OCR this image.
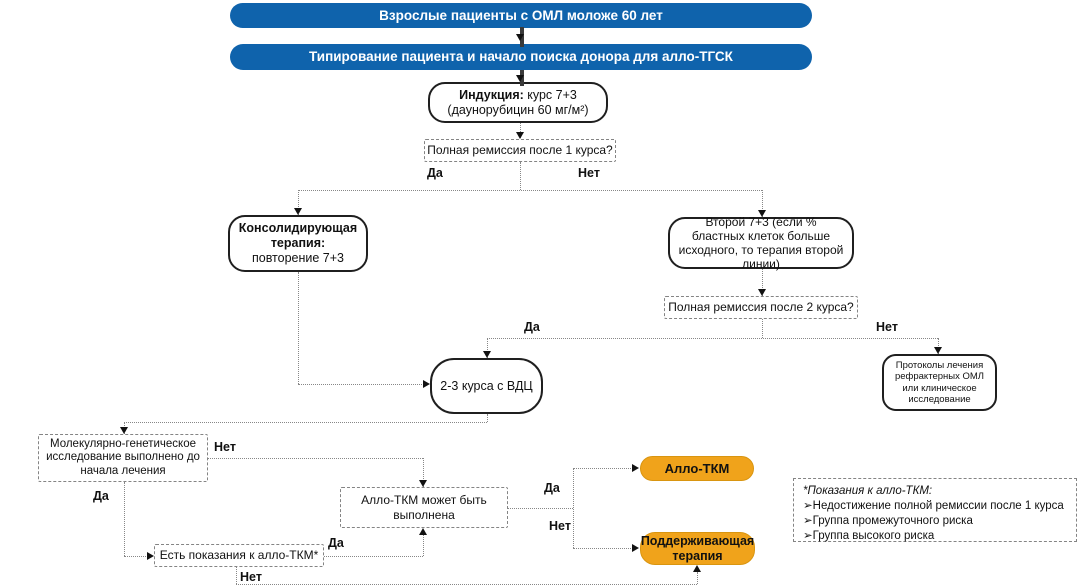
Взрослые пациенты с ОМЛ моложе 60 лет
Типирование пациента и начало поиска донора для алло-ТГСК
Индукция: курс 7+3
(даунорубицин 60 мг/м²)
Полная ремиссия после 1 курса?
Консолидирующая терапия:
повторение 7+3
Второй 7+3 (если % бластных клеток больше исходного, то терапия второй линии)
Полная ремиссия после 2 курса?
Протоколы лечения рефрактерных ОМЛ или клиническое исследование
2-3 курса с ВДЦ
Молекулярно-генетическое исследование выполнено до начала лечения
Алло-ТКМ может быть выполнена
Алло-ТКМ
Поддерживающая терапия
Есть показания к алло-ТКМ*
*Показания к алло-ТКМ:
➢Недостижение полной ремиссии после 1 курса
➢Группа промежуточного риска
➢Группа высокого риска
Да	Нет
Да	Нет
Нет
Да
Да
Нет
Да
Нет
